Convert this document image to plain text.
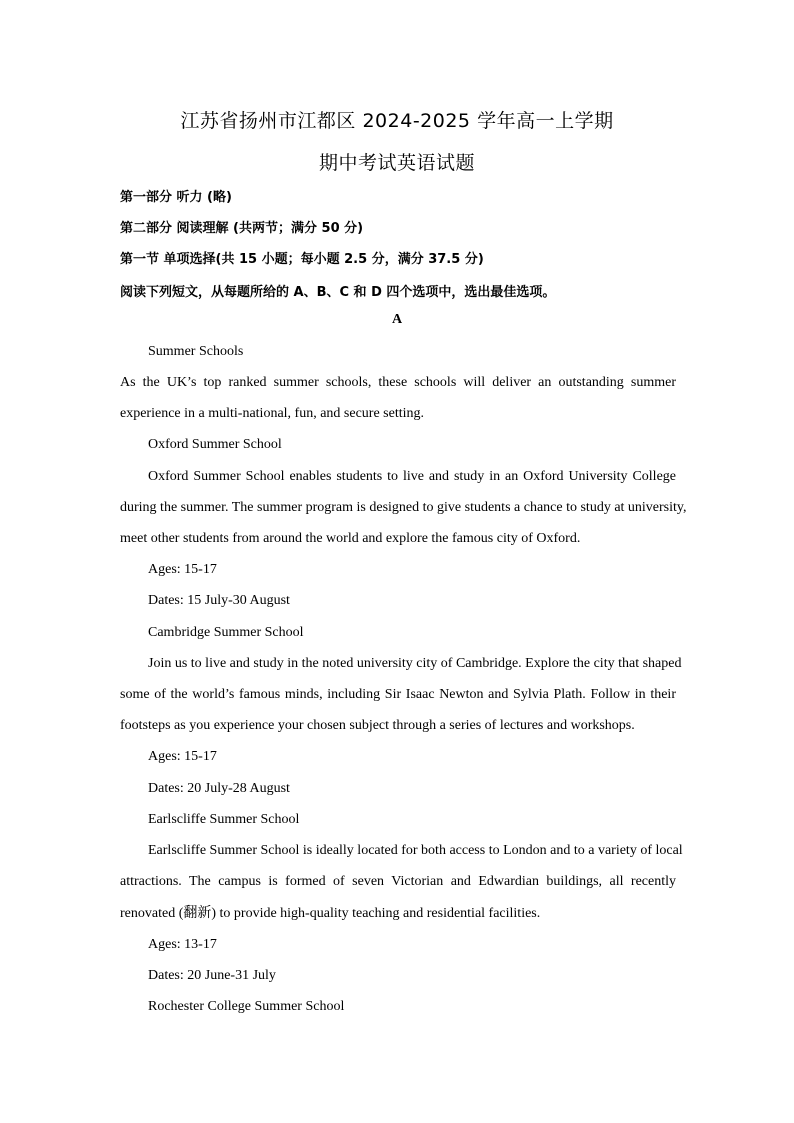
江苏省扬州市江都区 2024-2025 学年高一上学期
期中考试英语试题
第一部分 听力 (略)
第二部分 阅读理解 (共两节；满分 50 分)
第一节 单项选择(共 15 小题；每小题 2.5 分，满分 37.5 分)
阅读下列短文，从每题所给的 A、B、C 和 D 四个选项中，选出最佳选项。
A
Summer Schools
As the UK’s top ranked summer schools, these schools will deliver an outstanding summer
experience in a multi-national, fun, and secure setting.
Oxford Summer School
Oxford Summer School enables students to live and study in an Oxford University College
during the summer. The summer program is designed to give students a chance to study at university,
meet other students from around the world and explore the famous city of Oxford.
Ages: 15-17
Dates: 15 July-30 August
Cambridge Summer School
Join us to live and study in the noted university city of Cambridge. Explore the city that shaped
some of the world’s famous minds, including Sir Isaac Newton and Sylvia Plath. Follow in their
footsteps as you experience your chosen subject through a series of lectures and workshops.
Ages: 15-17
Dates: 20 July-28 August
Earlscliffe Summer School
Earlscliffe Summer School is ideally located for both access to London and to a variety of local
attractions. The campus is formed of seven Victorian and Edwardian buildings, all recently
renovated (翻新) to provide high-quality teaching and residential facilities.
Ages: 13-17
Dates: 20 June-31 July
Rochester College Summer School
